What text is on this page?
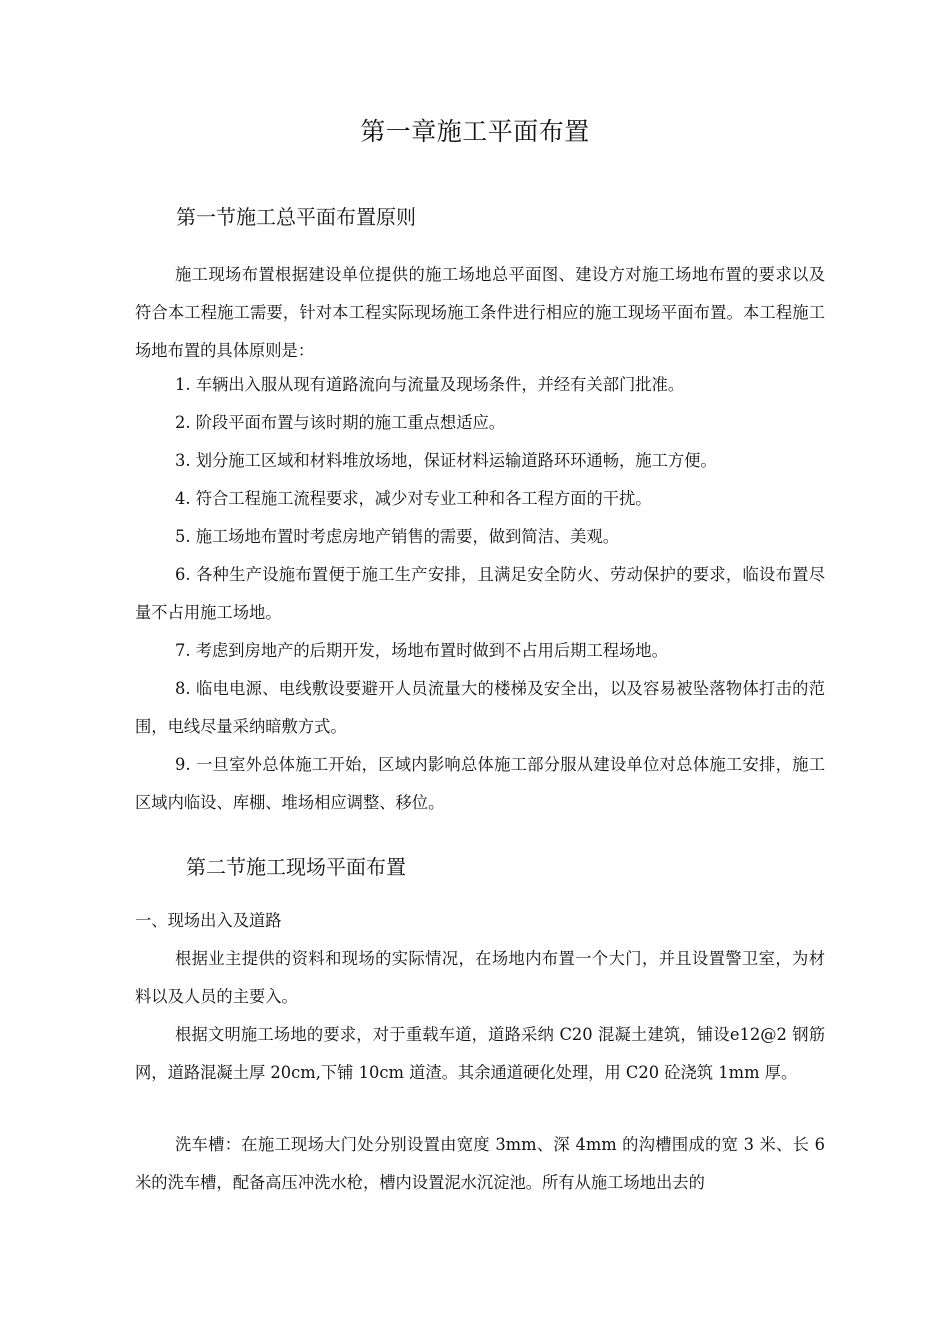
第一章施工平面布置
第一节施工总平面布置原则

施工现场布置根据建设单位提供的施工场地总平面图、建设方对施工场地布置的要求以及符合本工程施工需要，针对本工程实际现场施工条件进行相应的施工现场平面布置。本工程施工场地布置的具体原则是：

1. 车辆出入服从现有道路流向与流量及现场条件，并经有关部门批准。

2. 阶段平面布置与该时期的施工重点想适应。

3. 划分施工区域和材料堆放场地，保证材料运输道路环环通畅，施工方便。

4. 符合工程施工流程要求，减少对专业工种和各工程方面的干扰。

5. 施工场地布置时考虑房地产销售的需要，做到简洁、美观。

6. 各种生产设施布置便于施工生产安排，且满足安全防火、劳动保护的要求，临设布置尽量不占用施工场地。

7. 考虑到房地产的后期开发，场地布置时做到不占用后期工程场地。

8. 临电电源、电线敷设要避开人员流量大的楼梯及安全出，以及容易被坠落物体打击的范围，电线尽量采纳暗敷方式。

9. 一旦室外总体施工开始，区域内影响总体施工部分服从建设单位对总体施工安排，施工区域内临设、库棚、堆场相应调整、移位。

第二节施工现场平面布置

一、现场出入及道路

根据业主提供的资料和现场的实际情况，在场地内布置一个大门，并且设置警卫室，为材料以及人员的主要入。

根据文明施工场地的要求，对于重载车道，道路采纳 C20 混凝土建筑，铺设e12@2 钢筋网，道路混凝土厚 20cm,下铺 10cm 道渣。其余通道硬化处理，用 C20 砼浇筑 1mm 厚。

洗车槽：在施工现场大门处分别设置由宽度 3mm、深 4mm 的沟槽围成的宽 3 米、长 6 米的洗车槽，配备高压冲洗水枪，槽内设置泥水沉淀池。所有从施工场地出去的
